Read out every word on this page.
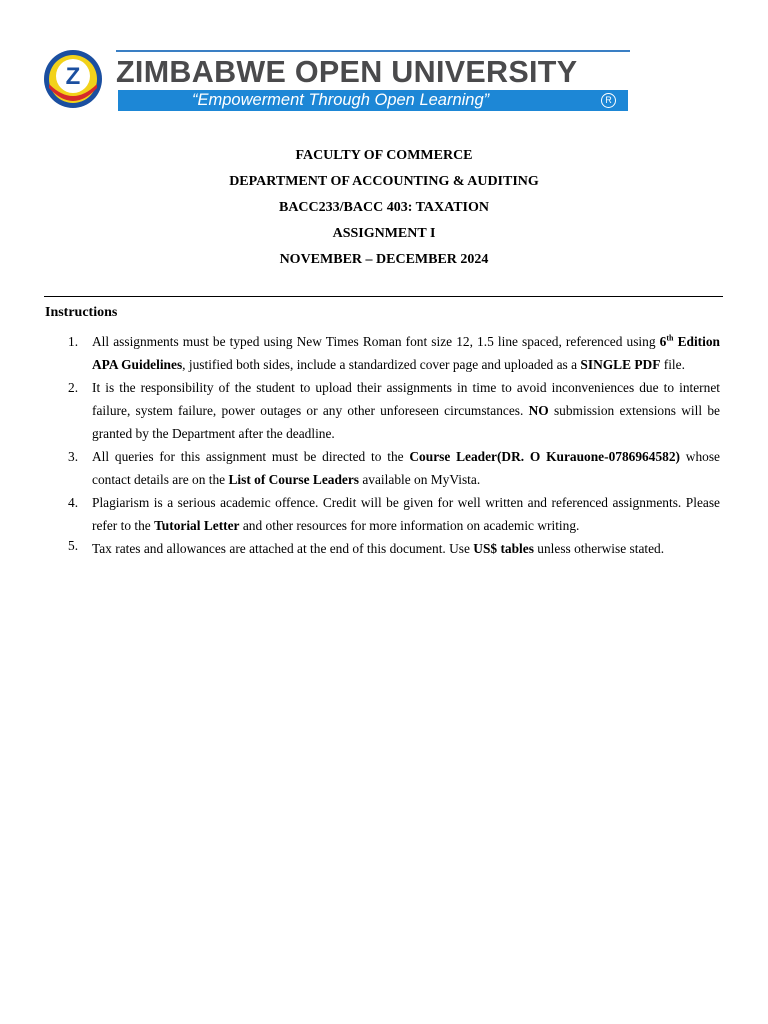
Z ZIMBABWE OPEN UNIVERSITY
“Empowerment Through Open Learning”	R
FACULTY OF COMMERCE
DEPARTMENT OF ACCOUNTING & AUDITING
BACC233/BACC 403: TAXATION
ASSIGNMENT I
NOVEMBER – DECEMBER 2024
Instructions
1. All assignments must be typed using New Times Roman font size 12, 1.5 line spaced, referenced using 6th Edition APA Guidelines, justified both sides, include a standardized cover page and uploaded as a SINGLE PDF file.
2. It is the responsibility of the student to upload their assignments in time to avoid inconveniences due to internet failure, system failure, power outages or any other unforeseen circumstances. NO submission extensions will be granted by the Department after the deadline.
3. All queries for this assignment must be directed to the Course Leader(DR. O Kurauone-0786964582) whose contact details are on the List of Course Leaders available on MyVista.
4. Plagiarism is a serious academic offence. Credit will be given for well written and referenced assignments. Please refer to the Tutorial Letter and other resources for more information on academic writing.
5. Tax rates and allowances are attached at the end of this document. Use US$ tables unless otherwise stated.
